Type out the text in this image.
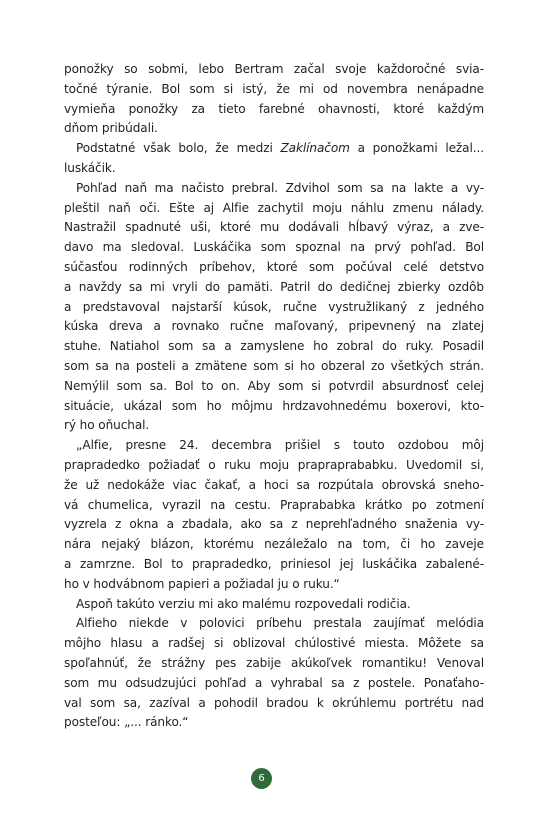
ponožky so sobmi, lebo Bertram začal svoje každoročné svia-
točné týranie. Bol som si istý, že mi od novembra nenápadne
vymieňa ponožky za tieto farebné ohavnosti, ktoré každým
dňom pribúdali.
Podstatné však bolo, že medzi Zaklínačom a ponožkami ležal...
luskáčik.
Pohľad naň ma načisto prebral. Zdvihol som sa na lakte a vy-
pleštil naň oči. Ešte aj Alfie zachytil moju náhlu zmenu nálady.
Nastražil spadnuté uši, ktoré mu dodávali hĺbavý výraz, a zve-
davo ma sledoval. Luskáčika som spoznal na prvý pohľad. Bol
súčasťou rodinných príbehov, ktoré som počúval celé detstvo
a navždy sa mi vryli do pamäti. Patril do dedičnej zbierky ozdôb
a predstavoval najstarší kúsok, ručne vystružlikaný z jedného
kúska dreva a rovnako ručne maľovaný, pripevnený na zlatej
stuhe. Natiahol som sa a zamyslene ho zobral do ruky. Posadil
som sa na posteli a zmätene som si ho obzeral zo všetkých strán.
Nemýlil som sa. Bol to on. Aby som si potvrdil absurdnosť celej
situácie, ukázal som ho môjmu hrdzavohnedému boxerovi, kto-
rý ho oňuchal.
„Alfie, presne 24. decembra prišiel s touto ozdobou môj
prapradedko požiadať o ruku moju prapraprababku. Uvedomil si,
že už nedokáže viac čakať, a hoci sa rozpútala obrovská sneho-
vá chumelica, vyrazil na cestu. Praprababka krátko po zotmení
vyzrela z okna a zbadala, ako sa z neprehľadného snaženia vy-
nára nejaký blázon, ktorému nezáležalo na tom, či ho zaveje
a zamrzne. Bol to prapradedko, priniesol jej luskáčika zabalené-
ho v hodvábnom papieri a požiadal ju o ruku.“
Aspoň takúto verziu mi ako malému rozpovedali rodičia.
Alfieho niekde v polovici príbehu prestala zaujímať melódia
môjho hlasu a radšej si oblizoval chúlostivé miesta. Môžete sa
spoľahnúť, že strážny pes zabije akúkoľvek romantiku! Venoval
som mu odsudzujúci pohľad a vyhrabal sa z postele. Ponaťaho-
val som sa, zazíval a pohodil bradou k okrúhlemu portrétu nad
posteľou: „... ránko.“
6
